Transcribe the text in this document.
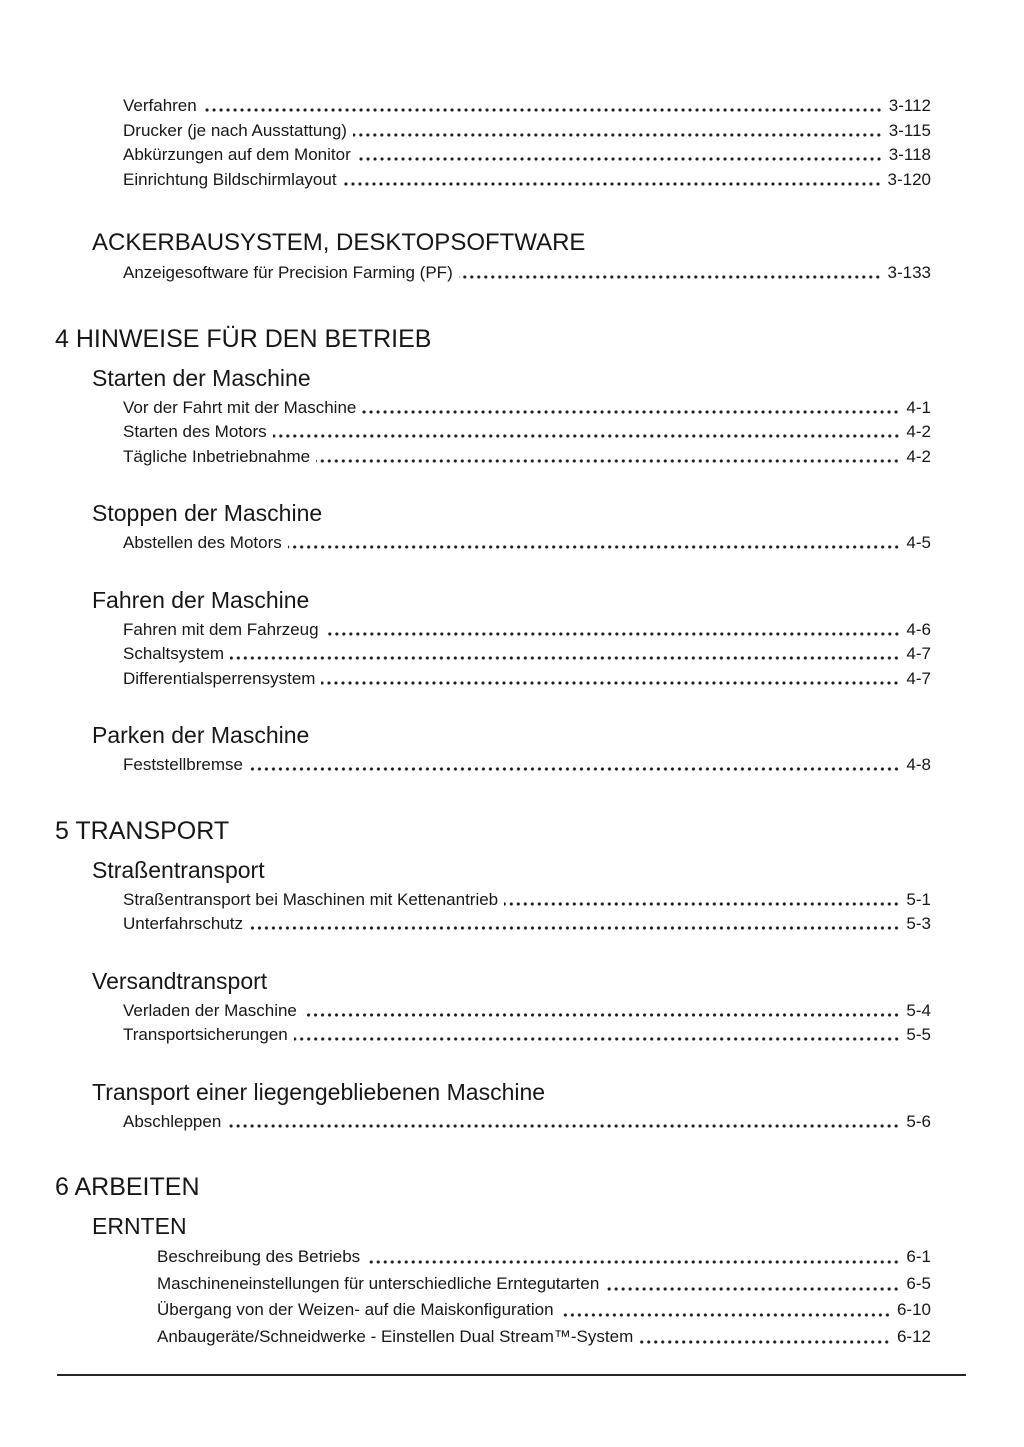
Verfahren	3-112
Drucker (je nach Ausstattung)	3-115
Abkürzungen auf dem Monitor	3-118
Einrichtung Bildschirmlayout	3-120
ACKERBAUSYSTEM, DESKTOPSOFTWARE
Anzeigesoftware für Precision Farming (PF)	3-133
4 HINWEISE FÜR DEN BETRIEB
Starten der Maschine
Vor der Fahrt mit der Maschine	4-1
Starten des Motors	4-2
Tägliche Inbetriebnahme	4-2
Stoppen der Maschine
Abstellen des Motors	4-5
Fahren der Maschine
Fahren mit dem Fahrzeug	4-6
Schaltsystem	4-7
Differentialsperrensystem	4-7
Parken der Maschine
Feststellbremse	4-8
5 TRANSPORT
Straßentransport
Straßentransport bei Maschinen mit Kettenantrieb	5-1
Unterfahrschutz	5-3
Versandtransport
Verladen der Maschine	5-4
Transportsicherungen	5-5
Transport einer liegengebliebenen Maschine
Abschleppen	5-6
6 ARBEITEN
ERNTEN
Beschreibung des Betriebs	6-1
Maschineneinstellungen für unterschiedliche Erntegutarten	6-5
Übergang von der Weizen- auf die Maiskonfiguration	6-10
Anbaugeräte/Schneidwerke - Einstellen Dual Stream™-System	6-12
